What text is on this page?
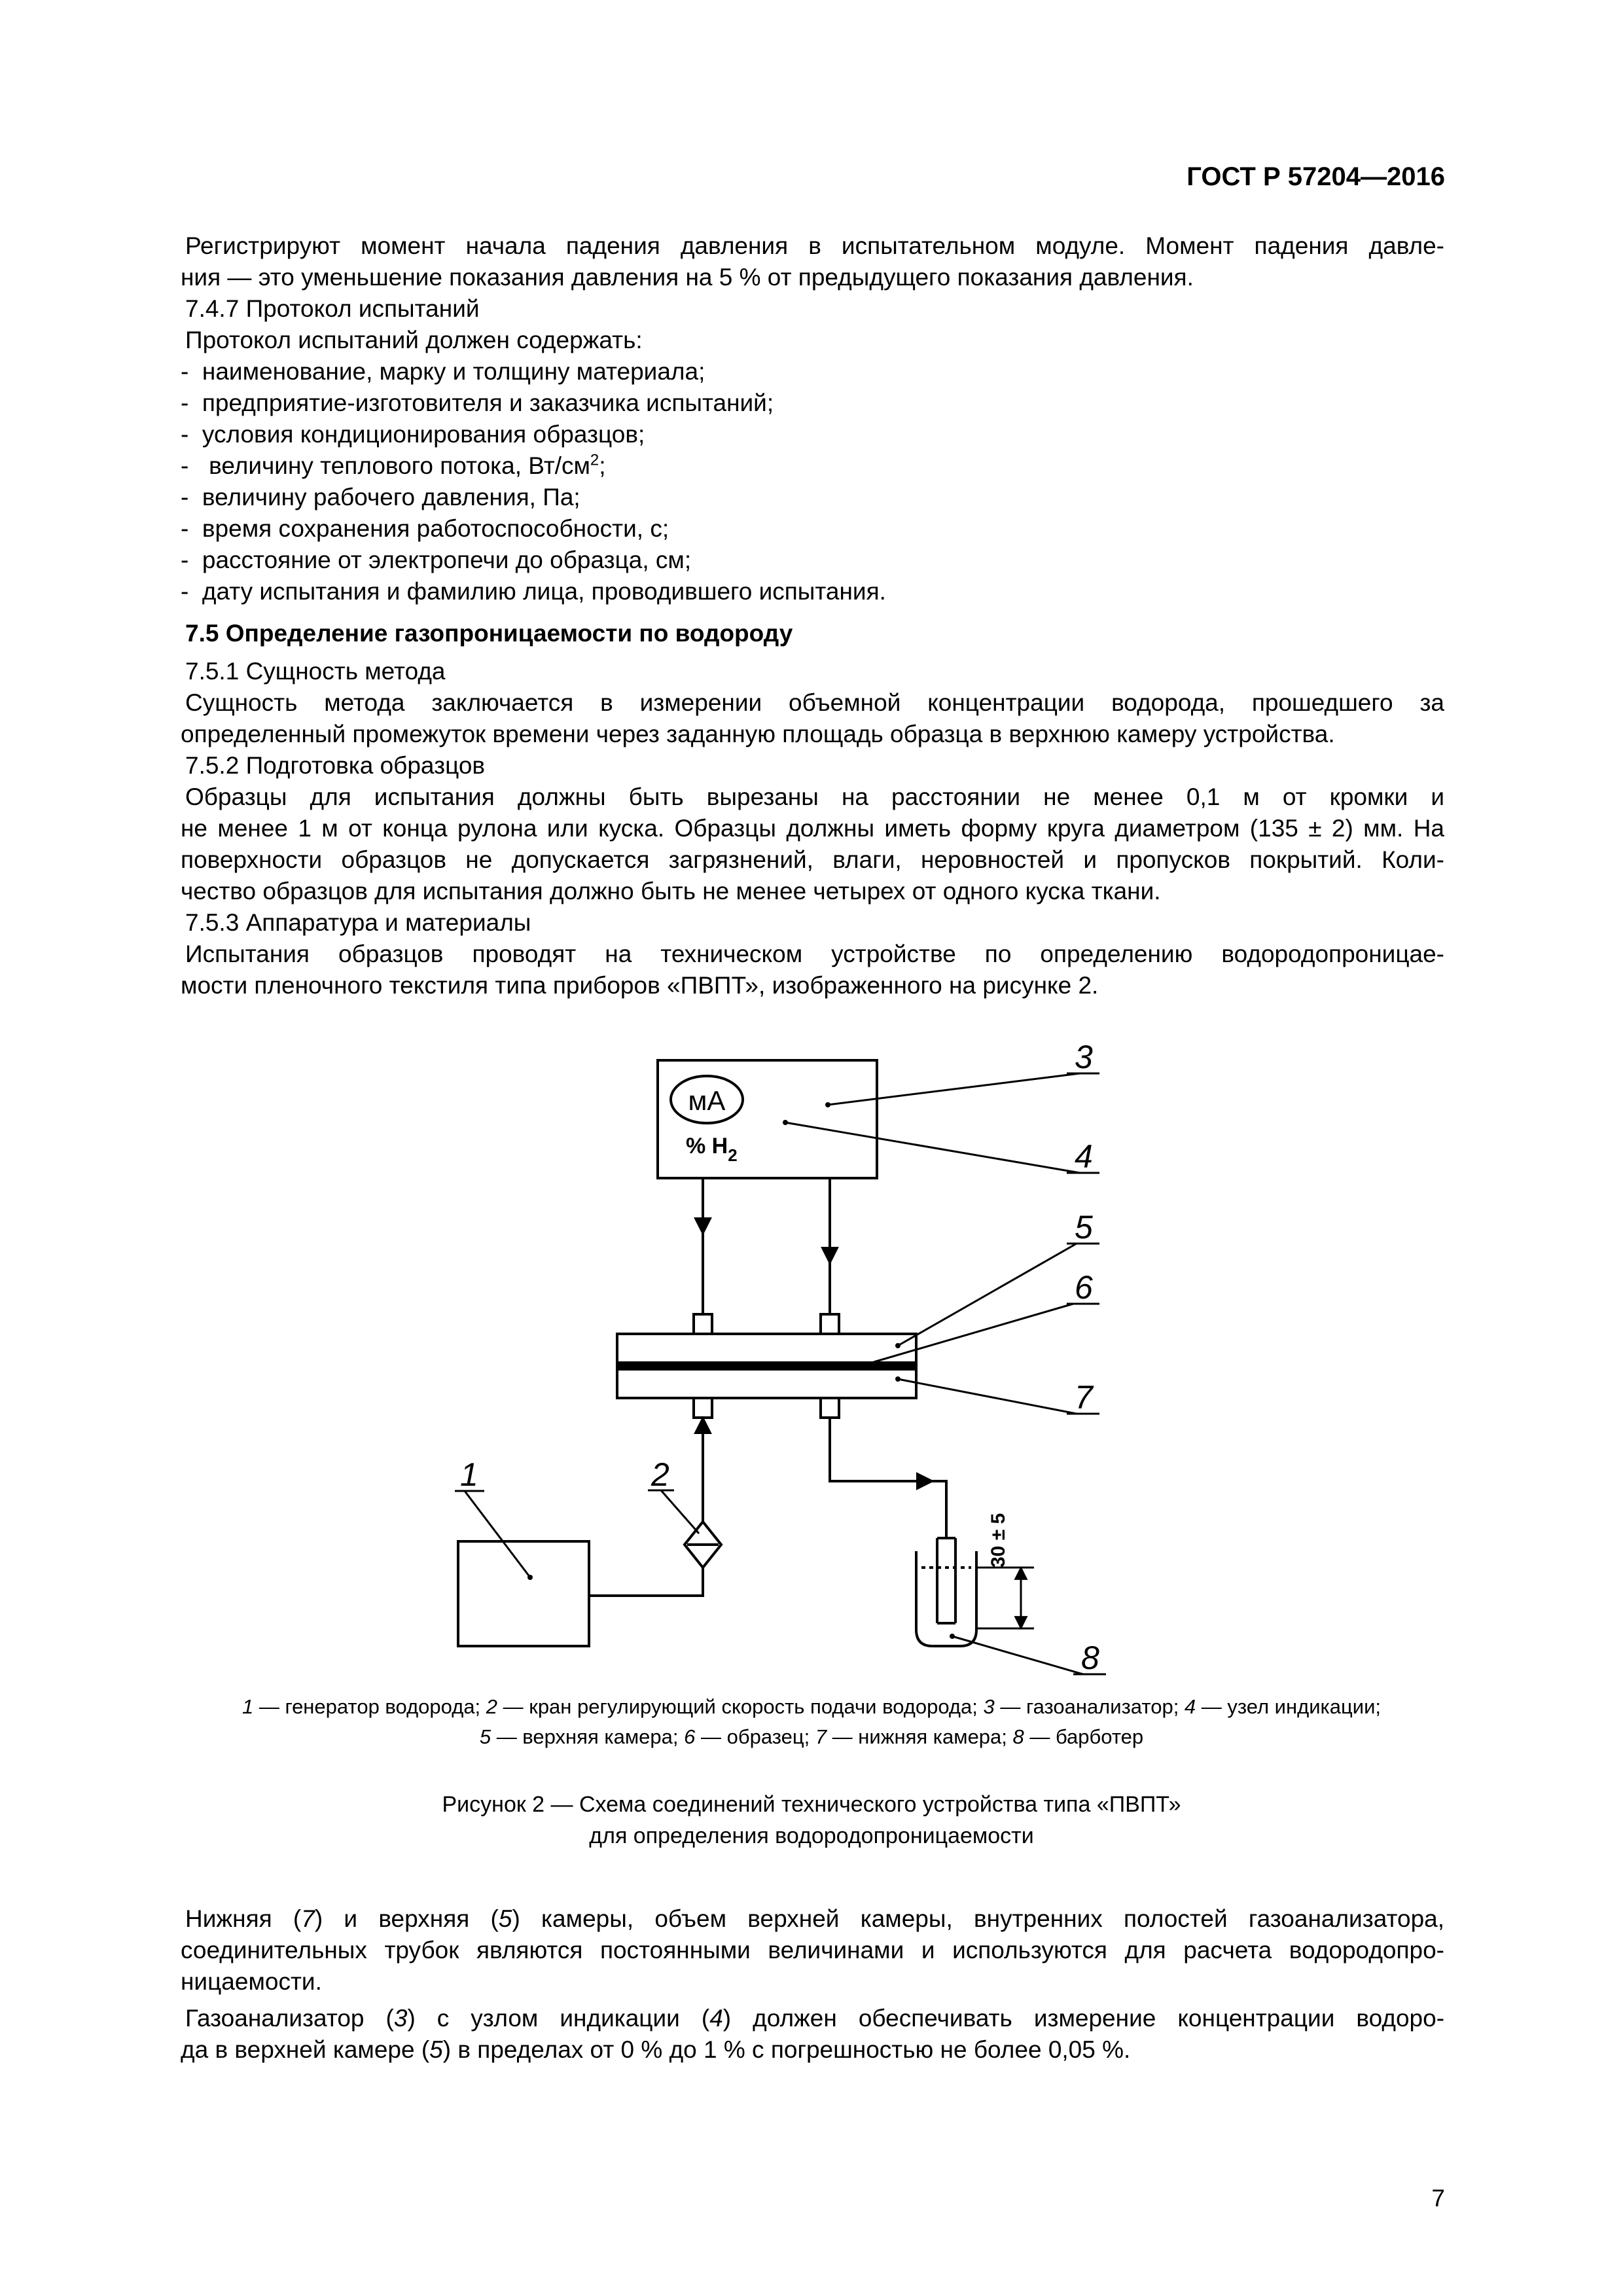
ГОСТ Р 57204—2016
Регистрируют момент начала падения давления в испытательном модуле. Момент падения давле-
ния — это уменьшение показания давления на 5 % от предыдущего показания давления.
7.4.7 Протокол испытаний
Протокол испытаний должен содержать:
- наименование, марку и толщину материала;
- предприятие-изготовителя и заказчика испытаний;
- условия кондиционирования образцов;
- величину теплового потока, $Вт/см^2$;
- величину рабочего давления, Па;
- время сохранения работоспособности, с;
- расстояние от электропечи до образца, см;
- дату испытания и фамилию лица, проводившего испытания.
7.5 Определение газопроницаемости по водороду
7.5.1 Сущность метода
Сущность метода заключается в измерении объемной концентрации водорода, прошедшего за
определенный промежуток времени через заданную площадь образца в верхнюю камеру устройства.
7.5.2 Подготовка образцов
Образцы для испытания должны быть вырезаны на расстоянии не менее 0,1 м от кромки и
не менее 1 м от конца рулона или куска. Образцы должны иметь форму круга диаметром (135 ± 2) мм. На
поверхности образцов не допускается загрязнений, влаги, неровностей и пропусков покрытий. Коли-
чество образцов для испытания должно быть не менее четырех от одного куска ткани.
7.5.3 Аппаратура и материалы
Испытания образцов проводят на техническом устройстве по определению водородопроницае-
мости пленочного текстиля типа приборов «ПВПТ», изображенного на рисунке 2.
мА
% $H_2$
30 ± 5
1	2
3
4
5
6
7
8
1 — генератор водорода; 2 — кран регулирующий скорость подачи водорода; 3 — газоанализатор; 4 — узел индикации;
5 — верхняя камера; 6 — образец; 7 — нижняя камера; 8 — барботер
Рисунок 2 — Схема соединений технического устройства типа «ПВПТ»
для определения водородопроницаемости
Нижняя (7) и верхняя (5) камеры, объем верхней камеры, внутренних полостей газоанализатора,
соединительных трубок являются постоянными величинами и используются для расчета водородопро-
ницаемости.
Газоанализатор (3) с узлом индикации (4) должен обеспечивать измерение концентрации водоро-
да в верхней камере (5) в пределах от 0 % до 1 % с погрешностью не более 0,05 %.
7
